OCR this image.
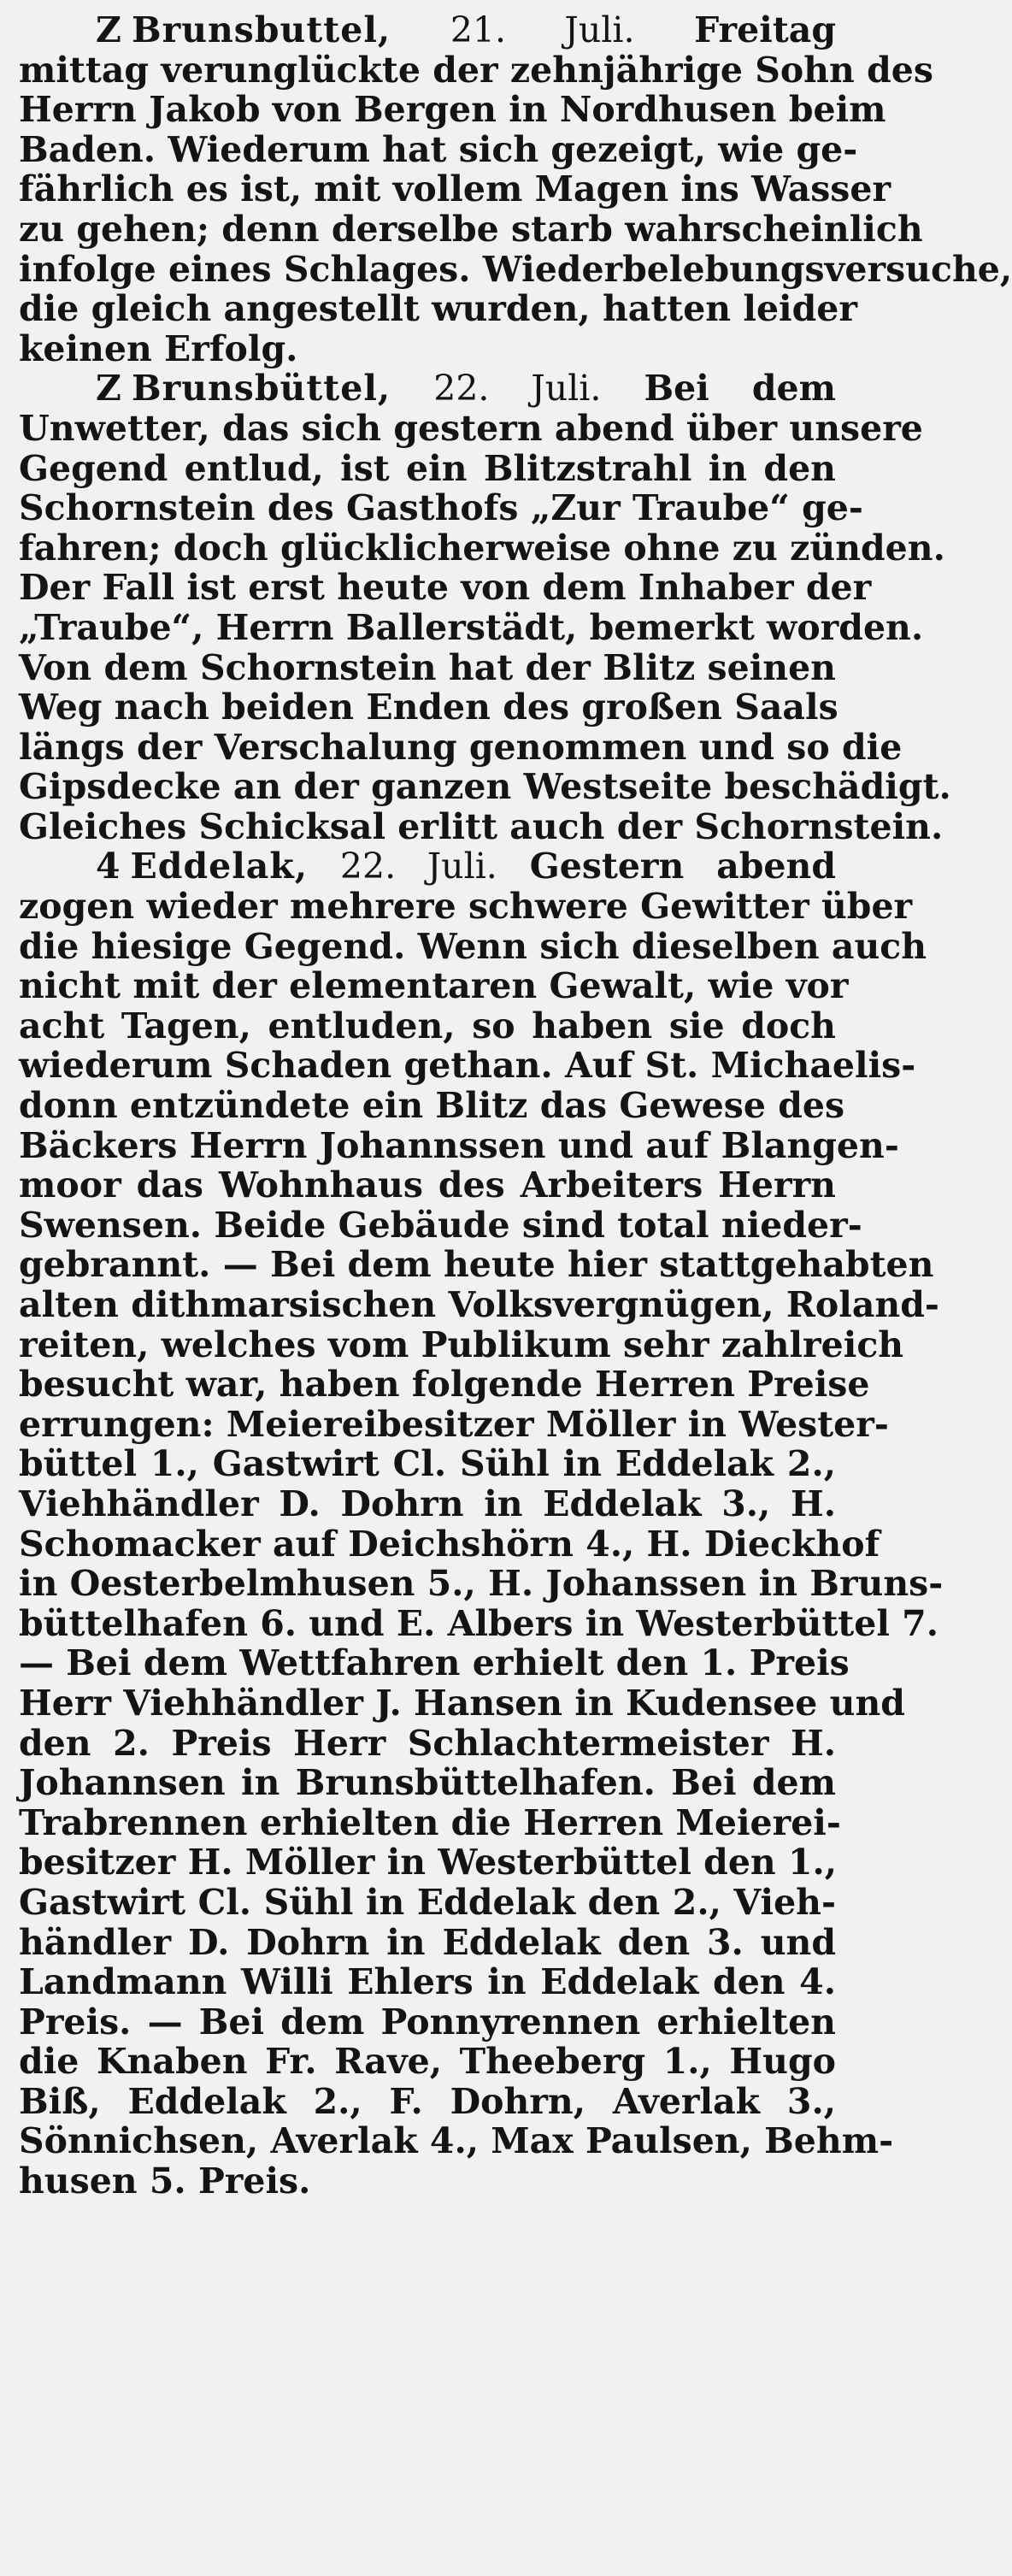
Z Brunsbuttel, 21. Juli. Freitag
mittag verunglückte der zehnjährige Sohn des
Herrn Jakob von Bergen in Nordhusen beim
Baden. Wiederum hat sich gezeigt, wie ge-
fährlich es ist, mit vollem Magen ins Wasser
zu gehen; denn derselbe starb wahrscheinlich
infolge eines Schlages. Wiederbelebungsversuche,
die gleich angestellt wurden, hatten leider
keinen Erfolg.
Z Brunsbüttel, 22. Juli. Bei dem
Unwetter, das sich gestern abend über unsere
Gegend entlud, ist ein Blitzstrahl in den
Schornstein des Gasthofs „Zur Traube“ ge-
fahren; doch glücklicherweise ohne zu zünden.
Der Fall ist erst heute von dem Inhaber der
„Traube“, Herrn Ballerstädt, bemerkt worden.
Von dem Schornstein hat der Blitz seinen
Weg nach beiden Enden des großen Saals
längs der Verschalung genommen und so die
Gipsdecke an der ganzen Westseite beschädigt.
Gleiches Schicksal erlitt auch der Schornstein.
4 Eddelak, 22. Juli. Gestern abend
zogen wieder mehrere schwere Gewitter über
die hiesige Gegend. Wenn sich dieselben auch
nicht mit der elementaren Gewalt, wie vor
acht Tagen, entluden, so haben sie doch
wiederum Schaden gethan. Auf St. Michaelis-
donn entzündete ein Blitz das Gewese des
Bäckers Herrn Johannssen und auf Blangen-
moor das Wohnhaus des Arbeiters Herrn
Swensen. Beide Gebäude sind total nieder-
gebrannt. — Bei dem heute hier stattgehabten
alten dithmarsischen Volksvergnügen, Roland-
reiten, welches vom Publikum sehr zahlreich
besucht war, haben folgende Herren Preise
errungen: Meiereibesitzer Möller in Wester-
büttel 1., Gastwirt Cl. Sühl in Eddelak 2.,
Viehhändler D. Dohrn in Eddelak 3., H.
Schomacker auf Deichshörn 4., H. Dieckhof
in Oesterbelmhusen 5., H. Johanssen in Bruns-
büttelhafen 6. und E. Albers in Westerbüttel 7.
— Bei dem Wettfahren erhielt den 1. Preis
Herr Viehhändler J. Hansen in Kudensee und
den 2. Preis Herr Schlachtermeister H.
Johannsen in Brunsbüttelhafen. Bei dem
Trabrennen erhielten die Herren Meierei-
besitzer H. Möller in Westerbüttel den 1.,
Gastwirt Cl. Sühl in Eddelak den 2., Vieh-
händler D. Dohrn in Eddelak den 3. und
Landmann Willi Ehlers in Eddelak den 4.
Preis. — Bei dem Ponnyrennen erhielten
die Knaben Fr. Rave, Theeberg 1., Hugo
Biß, Eddelak 2., F. Dohrn, Averlak 3.,
Sönnichsen, Averlak 4., Max Paulsen, Behm-
husen 5. Preis.
